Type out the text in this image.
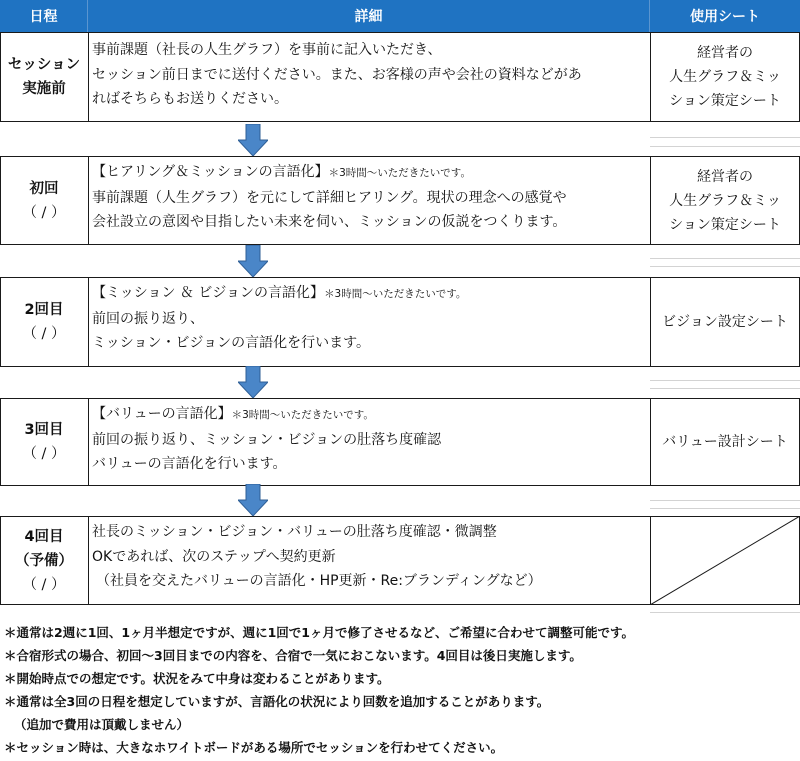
日程	詳細	使用シート
セッション
実施前
事前課題（社長の人生グラフ）を事前に記入いただき、
セッション前日までに送付ください。また、お客様の声や会社の資料などがあ
ればそちらもお送りください。
経営者の
人生グラフ＆ミッ
ション策定シート
初回
（ / ）
【ヒアリング＆ミッションの言語化】＊3時間～いただきたいです。
事前課題（人生グラフ）を元にして詳細ヒアリング。現状の理念への感覚や
会社設立の意図や目指したい未来を伺い、ミッションの仮説をつくります。
経営者の
人生グラフ＆ミッ
ション策定シート
2回目
（ / ）
【ミッション ＆ ビジョンの言語化】＊3時間～いただきたいです。
前回の振り返り、
ミッション・ビジョンの言語化を行います。
ビジョン設定シート
3回目
（ / ）
【バリューの言語化】＊3時間～いただきたいです。
前回の振り返り、ミッション・ビジョンの肚落ち度確認
バリューの言語化を行います。
バリュー設計シート
4回目
（予備）
（ / ）
社長のミッション・ビジョン・バリューの肚落ち度確認・微調整
OKであれば、次のステップへ契約更新
（社員を交えたバリューの言語化・HP更新・Re:ブランディングなど）
＊通常は2週に1回、1ヶ月半想定ですが、週に1回で1ヶ月で修了させるなど、ご希望に合わせて調整可能です。
＊合宿形式の場合、初回～3回目までの内容を、合宿で一気におこないます。4回目は後日実施します。
＊開始時点での想定です。状況をみて中身は変わることがあります。
＊通常は全3回の日程を想定していますが、言語化の状況により回数を追加することがあります。
（追加で費用は頂戴しません）
＊セッション時は、大きなホワイトボードがある場所でセッションを行わせてください。
